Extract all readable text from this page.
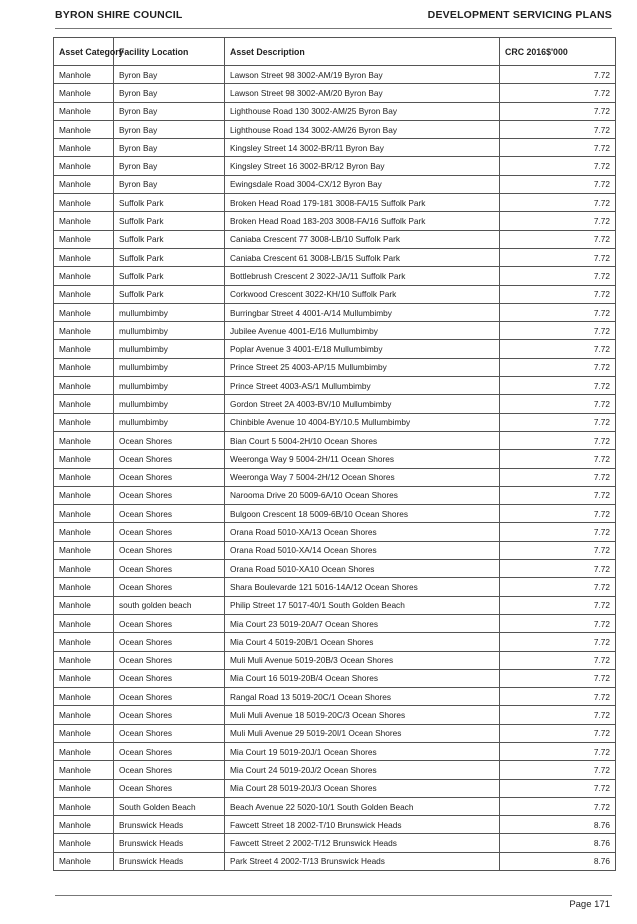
BYRON SHIRE COUNCIL	DEVELOPMENT SERVICING PLANS
Asset Category	Facility Location	Asset Description	CRC 2016$'000
Manhole	Byron Bay	Lawson Street 98 3002-AM/19 Byron Bay	7.72
Manhole	Byron Bay	Lawson Street 98 3002-AM/20 Byron Bay	7.72
Manhole	Byron Bay	Lighthouse Road 130 3002-AM/25 Byron Bay	7.72
Manhole	Byron Bay	Lighthouse Road 134 3002-AM/26 Byron Bay	7.72
Manhole	Byron Bay	Kingsley Street 14 3002-BR/11 Byron Bay	7.72
Manhole	Byron Bay	Kingsley Street 16 3002-BR/12 Byron Bay	7.72
Manhole	Byron Bay	Ewingsdale Road 3004-CX/12 Byron Bay	7.72
Manhole	Suffolk Park	Broken Head Road 179-181 3008-FA/15 Suffolk Park	7.72
Manhole	Suffolk Park	Broken Head Road 183-203 3008-FA/16 Suffolk Park	7.72
Manhole	Suffolk Park	Caniaba Crescent 77 3008-LB/10 Suffolk Park	7.72
Manhole	Suffolk Park	Caniaba Crescent 61 3008-LB/15 Suffolk Park	7.72
Manhole	Suffolk Park	Bottlebrush Crescent 2 3022-JA/11 Suffolk Park	7.72
Manhole	Suffolk Park	Corkwood Crescent 3022-KH/10 Suffolk Park	7.72
Manhole	mullumbimby	Burringbar Street 4 4001-A/14 Mullumbimby	7.72
Manhole	mullumbimby	Jubilee Avenue 4001-E/16 Mullumbimby	7.72
Manhole	mullumbimby	Poplar Avenue 3 4001-E/18 Mullumbimby	7.72
Manhole	mullumbimby	Prince Street 25 4003-AP/15 Mullumbimby	7.72
Manhole	mullumbimby	Prince Street 4003-AS/1 Mullumbimby	7.72
Manhole	mullumbimby	Gordon Street 2A 4003-BV/10 Mullumbimby	7.72
Manhole	mullumbimby	Chinbible Avenue 10 4004-BY/10.5 Mullumbimby	7.72
Manhole	Ocean Shores	Bian Court 5 5004-2H/10 Ocean Shores	7.72
Manhole	Ocean Shores	Weeronga Way 9 5004-2H/11 Ocean Shores	7.72
Manhole	Ocean Shores	Weeronga Way 7 5004-2H/12 Ocean Shores	7.72
Manhole	Ocean Shores	Narooma Drive 20 5009-6A/10 Ocean Shores	7.72
Manhole	Ocean Shores	Bulgoon Crescent 18 5009-6B/10 Ocean Shores	7.72
Manhole	Ocean Shores	Orana Road 5010-XA/13 Ocean Shores	7.72
Manhole	Ocean Shores	Orana Road 5010-XA/14 Ocean Shores	7.72
Manhole	Ocean Shores	Orana Road 5010-XA10 Ocean Shores	7.72
Manhole	Ocean Shores	Shara Boulevarde 121 5016-14A/12 Ocean Shores	7.72
Manhole	south golden beach	Philip Street 17 5017-40/1 South Golden Beach	7.72
Manhole	Ocean Shores	Mia Court 23 5019-20A/7 Ocean Shores	7.72
Manhole	Ocean Shores	Mia Court 4 5019-20B/1 Ocean Shores	7.72
Manhole	Ocean Shores	Muli Muli Avenue 5019-20B/3 Ocean Shores	7.72
Manhole	Ocean Shores	Mia Court 16 5019-20B/4 Ocean Shores	7.72
Manhole	Ocean Shores	Rangal Road 13 5019-20C/1 Ocean Shores	7.72
Manhole	Ocean Shores	Muli Muli Avenue 18 5019-20C/3 Ocean Shores	7.72
Manhole	Ocean Shores	Muli Muli Avenue 29 5019-20I/1 Ocean Shores	7.72
Manhole	Ocean Shores	Mia Court 19 5019-20J/1 Ocean Shores	7.72
Manhole	Ocean Shores	Mia Court 24 5019-20J/2 Ocean Shores	7.72
Manhole	Ocean Shores	Mia Court 28 5019-20J/3 Ocean Shores	7.72
Manhole	South Golden Beach	Beach Avenue 22 5020-10/1 South Golden Beach	7.72
Manhole	Brunswick Heads	Fawcett Street 18 2002-T/10 Brunswick Heads	8.76
Manhole	Brunswick Heads	Fawcett Street 2 2002-T/12 Brunswick Heads	8.76
Manhole	Brunswick Heads	Park Street 4 2002-T/13 Brunswick Heads	8.76
Page 171
